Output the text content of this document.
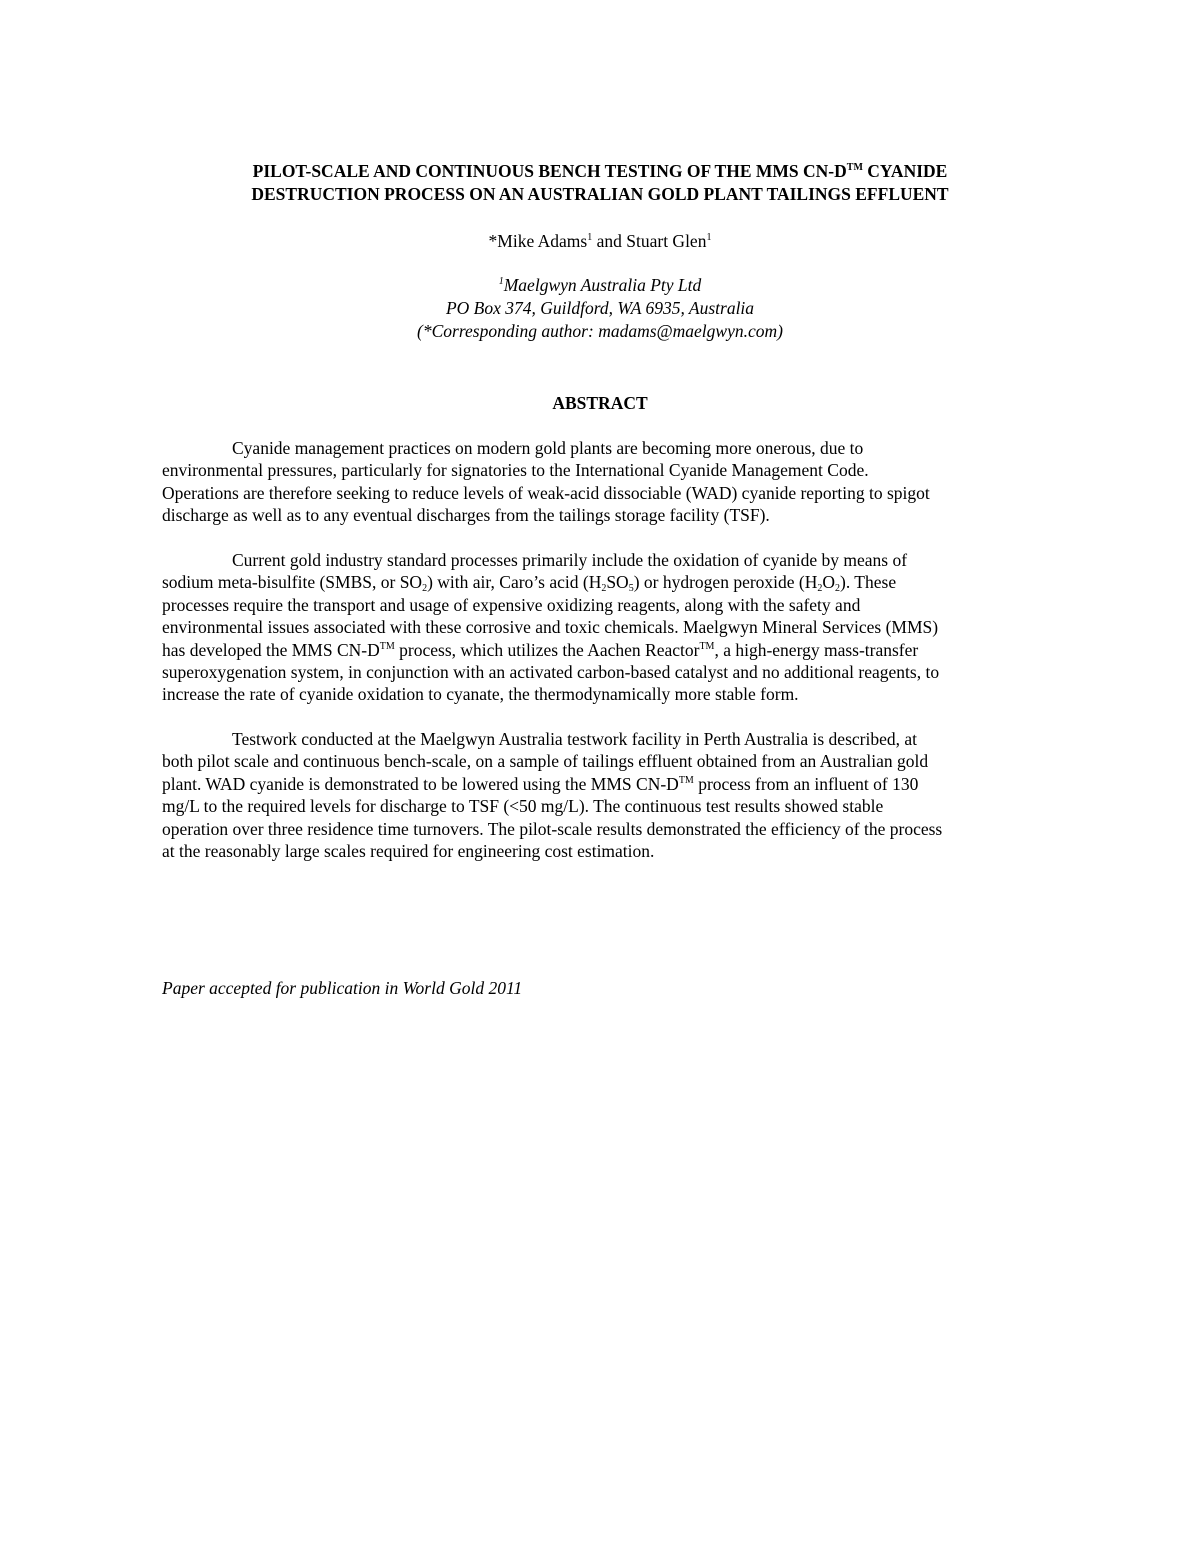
PILOT-SCALE AND CONTINUOUS BENCH TESTING OF THE MMS CN-D™ CYANIDE
DESTRUCTION PROCESS ON AN AUSTRALIAN GOLD PLANT TAILINGS EFFLUENT

*Mike Adams$^1$ and Stuart Glen$^1$

$^1$Maelgwyn Australia Pty Ltd
PO Box 374, Guildford, WA 6935, Australia
(*Corresponding author: madams@maelgwyn.com)
ABSTRACT

Cyanide management practices on modern gold plants are becoming more onerous, due to
environmental pressures, particularly for signatories to the International Cyanide Management Code.
Operations are therefore seeking to reduce levels of weak-acid dissociable (WAD) cyanide reporting to spigot
discharge as well as to any eventual discharges from the tailings storage facility (TSF).

Current gold industry standard processes primarily include the oxidation of cyanide by means of
sodium meta-bisulfite (SMBS, or $SO_2$) with air, Caro’s acid $(H_2SO_5)$ or hydrogen peroxide $(H_2O_2)$. These
processes require the transport and usage of expensive oxidizing reagents, along with the safety and
environmental issues associated with these corrosive and toxic chemicals. Maelgwyn Mineral Services (MMS)
has developed the MMS CN-D™ process, which utilizes the Aachen Reactor™, a high-energy mass-transfer
superoxygenation system, in conjunction with an activated carbon-based catalyst and no additional reagents, to
increase the rate of cyanide oxidation to cyanate, the thermodynamically more stable form.

Testwork conducted at the Maelgwyn Australia testwork facility in Perth Australia is described, at
both pilot scale and continuous bench-scale, on a sample of tailings effluent obtained from an Australian gold
plant. WAD cyanide is demonstrated to be lowered using the MMS CN-D™ process from an influent of 130
mg/L to the required levels for discharge to TSF (<50 mg/L). The continuous test results showed stable
operation over three residence time turnovers. The pilot-scale results demonstrated the efficiency of the process
at the reasonably large scales required for engineering cost estimation.

Paper accepted for publication in World Gold 2011
